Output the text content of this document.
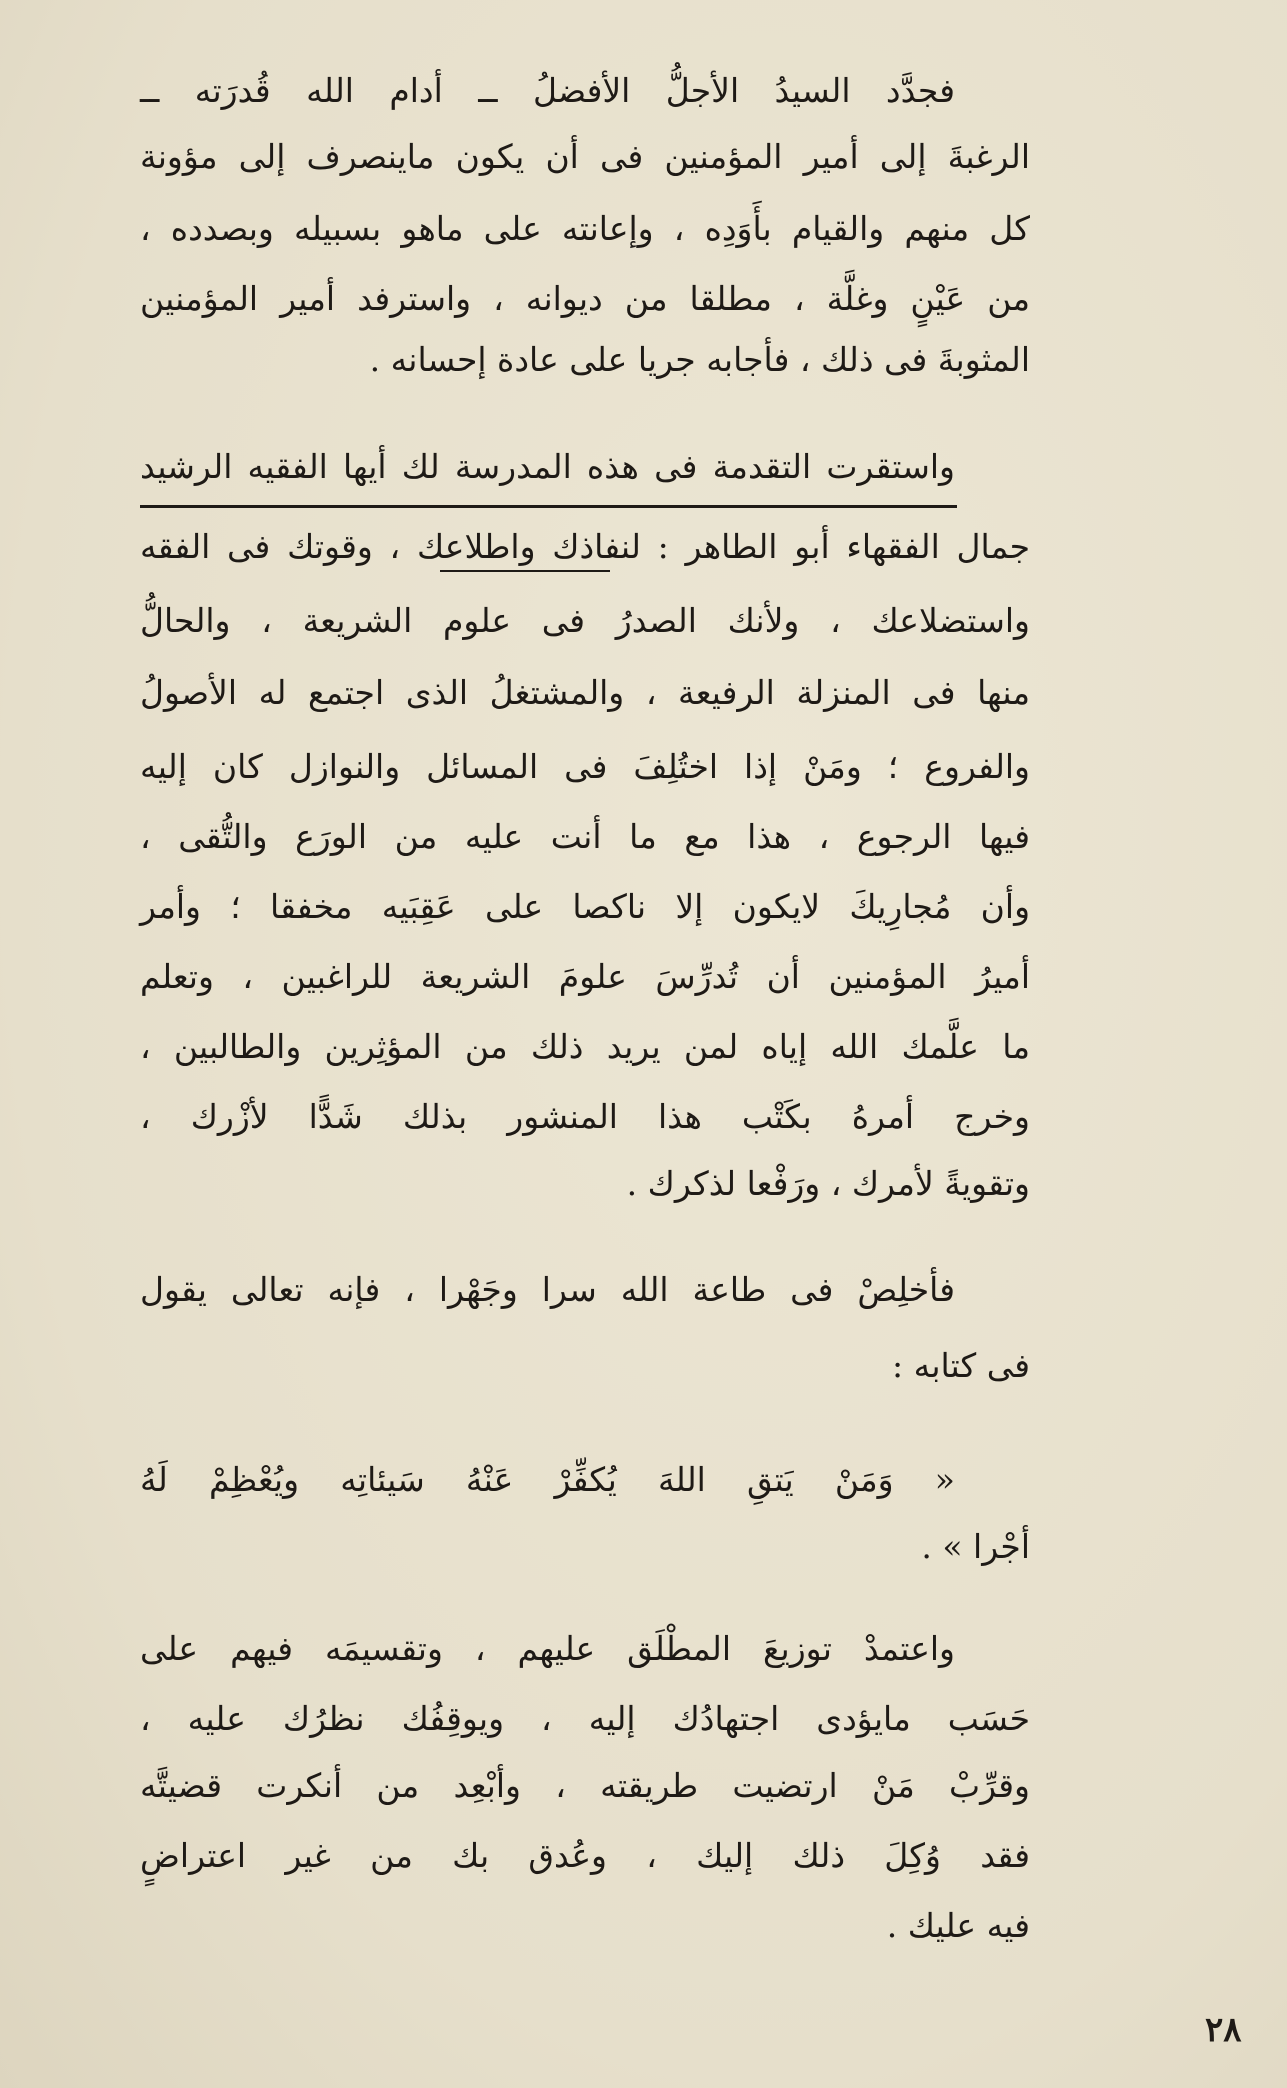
فجدَّد السيدُ الأجلُّ الأفضلُ ــ أدام الله قُدرَته ــ
الرغبةَ إلى أمير المؤمنين فى أن يكون ماينصرف إلى مؤونة
كل منهم والقيام بأَوَدِه ، وإعانته على ماهو بسبيله وبصدده ،
من عَيْنٍ وغلَّة ، مطلقا من ديوانه ، واسترفد أمير المؤمنين
المثوبةَ فى ذلك ، فأجابه جريا على عادة إحسانه .
واستقرت التقدمة فى هذه المدرسة لك أيها الفقيه الرشيد
جمال الفقهاء أبو الطاهر : لنفاذك واطلاعك ، وقوتك فى الفقه
واستضلاعك ، ولأنك الصدرُ فى علوم الشريعة ، والحالُّ
منها فى المنزلة الرفيعة ، والمشتغلُ الذى اجتمع له الأصولُ
والفروع ؛ ومَنْ إذا اختُلِفَ فى المسائل والنوازل كان إليه
فيها الرجوع ، هذا مع ما أنت عليه من الورَع والتُّقى ،
وأن مُجارِيكَ لايكون إلا ناكصا على عَقِبَيه مخفقا ؛ وأمر
أميرُ المؤمنين أن تُدرِّسَ علومَ الشريعة للراغبين ، وتعلم
ما علَّمك الله إياه لمن يريد ذلك من المؤثِرين والطالبين ،
وخرج أمرهُ بكَتْب هذا المنشور بذلك شَدًّا لأزْرك ،
وتقويةً لأمرك ، ورَفْعا لذكرك .
فأخلِصْ فى طاعة الله سرا وجَهْرا ، فإنه تعالى يقول
فى كتابه :
« وَمَنْ يَتقِ اللهَ يُكفِّرْ عَنْهُ سَيئاتِه ويُعْظِمْ لَهُ
أجْرا » .
واعتمدْ توزيعَ المطْلَق عليهم ، وتقسيمَه فيهم على
حَسَب مايؤدى اجتهادُك إليه ، ويوقِفُك نظرُك عليه ،
وقرِّبْ مَنْ ارتضيت طريقته ، وأبْعِد من أنكرت قضيتَّه
فقد وُكِلَ ذلك إليك ، وعُدق بك من غير اعتراضٍ
فيه عليك .
٢٨
